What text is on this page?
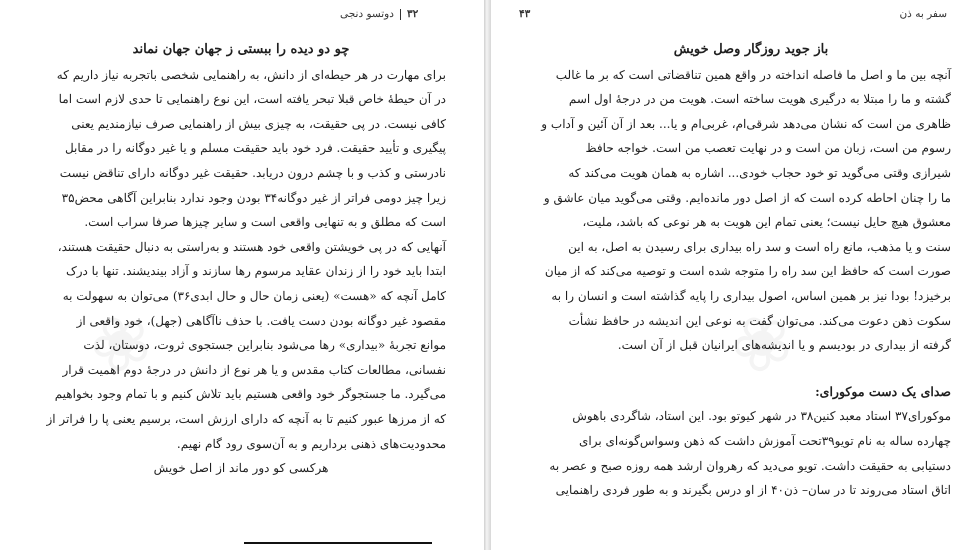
۳۲
دوتسو دنجی
چو دو دیده را ببستی ز جهان جهان نماند
برای مهارت در هر حیطه‌ای از دانش، به راهنمایی شخصی باتجربه نیاز داریم که
در آن حیطهٔ خاص قبلا تبحر یافته است، این نوع راهنمایی تا حدی لازم است اما
کافی نیست. در پی حقیقت، به چیزی بیش از راهنمایی صرف نیازمندیم یعنی
پیگیری و تأیید حقیقت. فرد خود باید حقیقت مسلم و یا غیر دوگانه را در مقابل
نادرستی و کذب و با چشم درون دریابد. حقیقت غیر دوگانه دارای تناقض نیست
زیرا چیز دومی فراتر از غیر دوگانه۳۴ بودن وجود ندارد بنابراین آگاهی محض۳۵
است که مطلق و به تنهایی واقعی است و سایر چیزها صرفا سراب است.
آنهایی که در پی خویشتن واقعی خود هستند و به‌راستی به دنبال حقیقت هستند،
ابتدا باید خود را از زندان عقاید مرسوم رها سازند و آزاد بیندیشند. تنها با درک
کامل آنچه که «هست» (یعنی زمان حال و حال ابدی۳۶) می‌توان به سهولت به
مقصود غیر دوگانه بودن دست یافت. با حذف ناآگاهی (جهل)، خود واقعی از
موانع تجربهٔ «بیداری» رها می‌شود بنابراین جستجوی ثروت، دوستان، لذت
نفسانی، مطالعات کتاب مقدس و یا هر نوع از دانش در درجهٔ دوم اهمیت قرار
می‌گیرد. ما جستجوگر خود واقعی هستیم باید تلاش کنیم و با تمام وجود بخواهیم
که از مرزها عبور کنیم تا به آنچه که دارای ارزش است، برسیم یعنی پا را فراتر از
محدودیت‌های ذهنی برداریم و به آن‌سوی رود گام نهیم.
هرکسی کو دور ماند از اصل خویش
سفر به ذن
۴۳
باز جوید روزگار وصل خویش
آنچه بین ما و اصل ما فاصله انداخته در واقع همین تناقضاتی است که بر ما غالب
گشته و ما را مبتلا به درگیری هویت ساخته است. هویت من در درجهٔ اول اسم
ظاهری من است که نشان می‌دهد شرقی‌ام، غربی‌ام و یا... بعد از آن آئین و آداب و
رسوم من است، زبان من است و در نهایت تعصب من است. خواجه حافظ
شیرازی وقتی می‌گوید تو خود حجاب خودی... اشاره به همان هویت می‌کند که
ما را چنان احاطه کرده است که از اصل دور مانده‌ایم. وقتی می‌گوید میان عاشق و
معشوق هیچ حایل نیست؛ یعنی تمام این هویت به هر نوعی که باشد، ملیت،
سنت و یا مذهب، مانع راه است و سد راه بیداری برای رسیدن به اصل، به این
صورت است که حافظ این سد راه را متوجه شده است و توصیه می‌کند که از میان
برخیزد! بودا نیز بر همین اساس، اصول بیداری را پایه گذاشته است و انسان را به
سکوت ذهن دعوت می‌کند. می‌توان گفت به نوعی این اندیشه در حافظ نشأت
گرفته از بیداری در بودیسم و یا اندیشه‌های ایرانیان قبل از آن است.
صدای یک دست موکورای:
موکورای۳۷ استاد معبد کنین۳۸ در شهر کیوتو بود. این استاد، شاگردی باهوش
چهارده ساله به نام تویو۳۹تحت آموزش داشت که ذهن وسواس‌گونه‌ای برای
دستیابی به حقیقت داشت. تویو می‌دید که رهروان ارشد همه روزه صبح و عصر به
اتاق استاد می‌روند تا در سان– ذن۴۰ از او درس بگیرند و به طور فردی راهنمایی
